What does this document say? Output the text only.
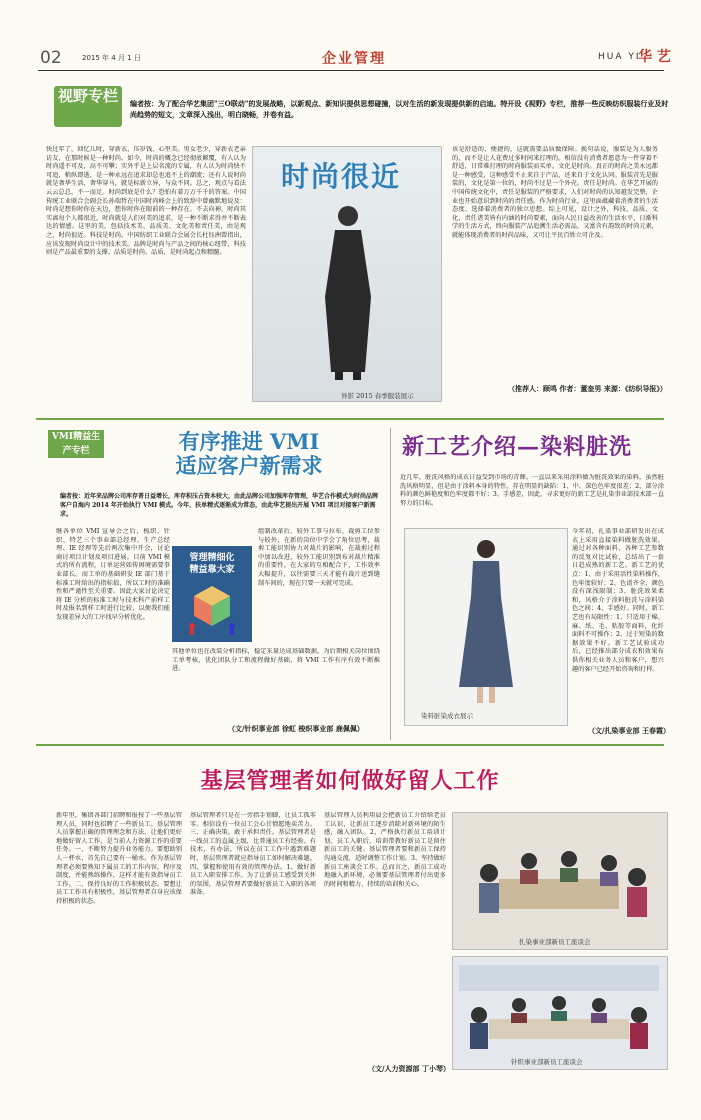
02	2015 年 4 月 1 日	企业管理	HUA YI
华 艺
视野专栏	编者按：为了配合华艺集团"三O联动"的发展战略，以新观点、新知识提供思想碰撞，以对生活的新发现提供新的启迪。特开设《视野》专栏，推荐一些反映纺织服装行业及时尚趋势的短文，文章深入浅出，明白晓畅，并卷有益。
快过年了，回忆儿时，穿新衣、压岁钱、心里美。男女老少，穿新衣老亲访友，在那时候是一种时尚。如今，时尚的概念已经彻底颠覆，有人认为时尚遥不可及，高不可攀；实外乎是上层名流的专属，有人认为时尚快不可追，稍纵即逝，是一种永远在追求却总也追不上的潮流；还有人说时尚就是奢华生活，奢华穿马，就是标新立异，与众不同。总之，观点与看法云云总总，不一而足。时尚到底是什么？恐怕有着万万千千的答案。中国传统工业联合会副会长孙瑞哲在中国时尚峰会上的致辞中曾幽默地说及：时尚是想你时你在天边，想你时你在眼前的一种存在。不去向神，时尚其实离每个人都很近，时尚就是人们对美的追求，是一种不断求得并不断表达的情感。这里的美，包括技术美、品质美、文化美和责任美，由是观之，时尚很近。科技是时尚。中国纺织工业联合会展会长杜钰洲曾指出，应该发现时尚设计中的技术美。品牌是时尚与产品之间的核心纽带，科技则是产品最重要的支撑。品质是时尚。品质，是时尚起点和精髓。
时尚很近
异影 2015 春季服装展示
该是舒适的，便捷的，这就需要品质做保障。换句话说，服装是为人服务的，而不是让人花费过多时间来打理的。相信没有消费者愿意为一件穿着不舒适，日常难打理的时尚服装而买单。文化是时尚。真正的时尚之美永远都是一种感受，这种感受不止来自于产品，还来自于文化认同。服装首先是服装的，文化是第一位的，时尚不过是一个外壳。责任是时尚。在华艺开展的中国传统文化中，责任是服装的严格要求，人们对时尚的认知越发完整，企业也开始意识到时尚的责任感。作为时尚行业，这里面蕴藏着消费者的生活态度、选择着消费者的独立思想。综上可见，设计之外，科技、品质、文化、责任诸美皆有内涵的时尚要素，面向人民日益改善的生活水平，日渐科学的生活方式，终向服装产品追溯生活必需品，又富含有韵致的时尚元素，就能体现消费者的时尚品味，又可让平民百姓立可企及。
（推荐人：顾鸣 作者：董奎男 来源：《纺织导报》）
VMI精益生产专栏	有序推进 VMI
适应客户新需求
编者按：近年来品牌公司库存普日益增长，库存积压占资本较大，由此品牌公司加强库存管理，华艺合作模式为时尚品牌客户自海内 2014 年开始执行 VMI 模式。今年，扶单精式逐渐成为常态，由此华艺提出开展 VMI 项目对接客户新需求。
继各单位 VMI 宣导会之后，梳织、针织、特艺三个事业部总经理、生产总经理、IE 经理等先后两次集中开会，讨论商讨项目计划及项目进展。目前 VMI 模式的所有流程，订单运营如传困境需要事业部长。而工单的基础研发 IE 部门基于标准工时给出的指标值，所以工时的准确性和严谨性至关重要。因此大家讨论决定将 IE 分析的标准工时与技术科产前样工时及报名到样工时进行比较，以便我们能发现差异大的工序找早分析优化。
管理精细化
精益靠大家
组制改革后，较外工事与拉布、裁剪工位参与较外，在新的岗位中学会了角位思考，裁剪工能识别协力对裁片的影响，在裁剪过程中加以改进，较外工能识别到布对裁片精准的重要性。在大家的互相配合下，工作效率大幅提升，以往需要三天才能有裁片送到缝制车间的，现在只要一天就可完成。
其他单位也在改装分析指标，稳定采量达成基础数据，为后期相关岗位围绕工单考核，优化团队分工和流程做好基础，将 VMI 工作有序有效不断推进。
（文/针织事业部 徐虹 梭织事业部 鹿佩佩）
新工艺介绍—染料脏洗
近几年，脏洗风格的成衣日益受到市场的青睐。一直以来采用涂料做为脏洗效果的染料，虽然脏洗风格明显，但是由于涂料本身的特性，存在明显的缺陷：1、中、深色色牢度很差；2、部分涂料的颜色鲜艳度和色牢度都不好；3、手感差，因此，寻求更好的新工艺是扎染事业部技术部一直努力的目标。
染料脏染成衣展示
今年初，扎染事业部研发出在成衣上采用直接染料做脏洗效果。通过对各种面料、各种工艺参数的反复对比试验，总结出了一套日趋成熟的新工艺。新工艺的优点：1、由于采用活性染料操作，色牢度较好；2、色谱齐全，颜色没有深浅限制；3、脏洗效果柔和，风格介于涂料脏洗与涂料染色之间；4、手感好。同时，新工艺也有局限性：1、只适用于棉、麻、纸、毛、粘胶等面料，化纤面料不可操作；2、过于短染的数据效果不好。新工艺试验成功后，已经推出部分成衣和效果布供你相关业务人员和客户，想兴趣的客户已经开始咨询和打样。
（文/扎染事业部 王春霞）
基层管理者如何做好留人工作
新年里，集团各部门招聘和报按了一些基层管理人员，同时也招聘了一些新员工。基层管理人员掌握正确的管理理念和方法，让他们更好地做好留人工作，是当前人力资源工作的重要任务。一、不断努力提升业务能力。要想助别人一杯水，首先自己要有一桶水。作为基层管理者必须要熟知下属员工的工作内容，程序及制度，并能熟练操作，这样才能有效指导员工工作。二、保持良好的工作积极状态。要想让员工工作具有积极性，基层管理者自身应该保持积极的状态。
基层管理者只是在一旁指手划脚，让员工孤零零。相信没有一位员工会心甘情愿地卖苦力。三、正确决策，敢于承担责任。基层管理者是一线员工的直属上级，比普通员工有经验、有技术，有办法，所以在员工工作中遇到难题时，基层管理者就应指导员工如何解决难题。四、掌握和使用有效的管理办法。1、做好新员工入职安排工作。为了让新员工感受到关怀的氛围，基层管理者要做好新员工入职的各项准备。
基层管理人员利用晨会把新员工介绍给老员工认识，让新员工逐步消除对新环境的陌生感，融入团队。2、严格执行新员工培训计划。员工入职后，培训带教好新员工是留住新员工的关键。基层管理者要和新员工保持沟通交流，适时调整工作计划。3、坚持做好新员工座谈会工作。总而言之，新员工成功地融入新环境，必须要基层管理者付出更多的时间和精力，持续的培训和关心。
（文/人力资源部 丁小琴）
扎染事业部新员工座谈会
针织事业部新员工座谈会
